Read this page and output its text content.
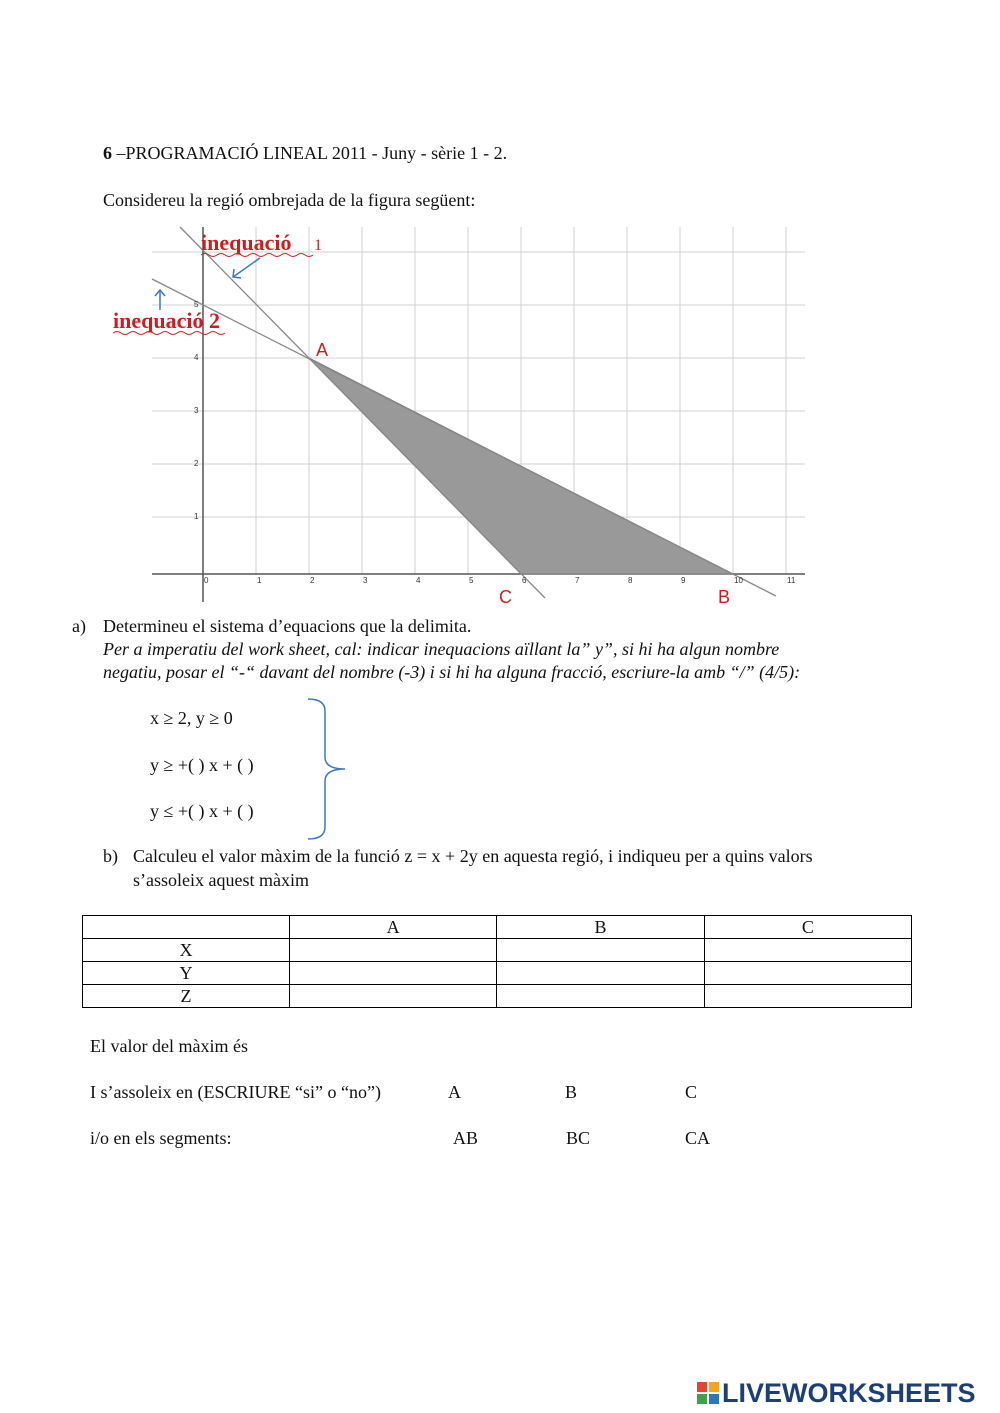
6 –PROGRAMACIÓ LINEAL 2011 - Juny - sèrie 1 - 2.
Considereu la regió ombrejada de la figura següent:
0	1	2	3	4	5	6	7	8	9	10	11
1
2
3
4
5
inequació 1
inequació 2
A
C	B
a) Determineu el sistema d’equacions que la delimita.
Per a imperatiu del work sheet, cal: indicar inequacions aïllant la” y”, si hi ha algun nombre
negatiu, posar el “-“ davant del nombre (-3) i si hi ha alguna fracció, escriure-la amb “/” (4/5):
x ≥ 2, y ≥ 0
y ≥ +( ) x + ( )
y ≤ +( ) x + ( )
b) Calculeu el valor màxim de la funció z = x + 2y en aquesta regió, i indiqueu per a quins valors
s’assoleix aquest màxim
	A	B	C
X			
Y			
Z			
El valor del màxim és
I s’assoleix en (ESCRIURE “si” o “no”)	A	B	C
i/o en els segments:	AB	BC	CA
LIVEWORKSHEETS
